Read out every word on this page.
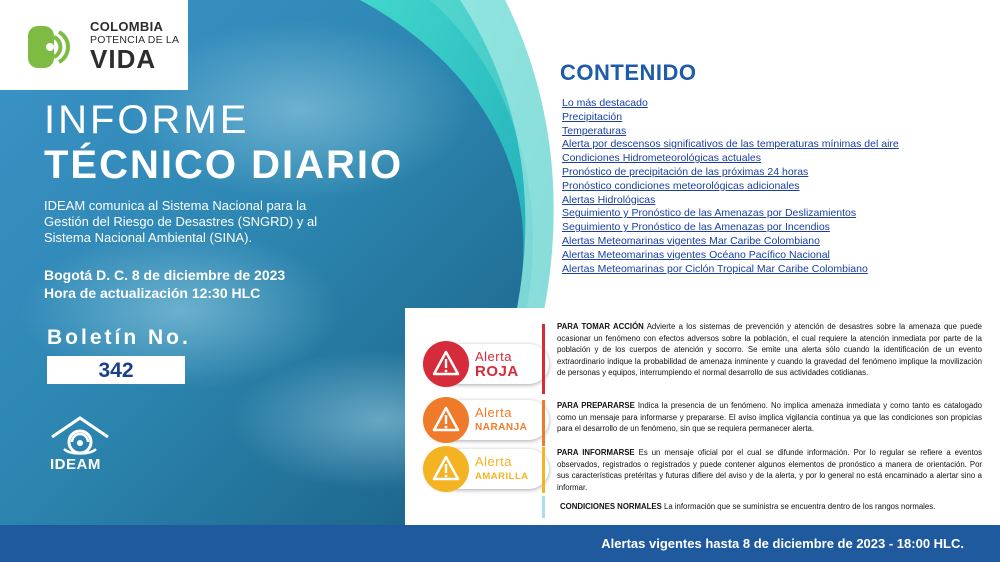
COLOMBIA
POTENCIA DE LA
VIDA
INFORME
TÉCNICO DIARIO
IDEAM comunica al Sistema Nacional para la Gestión del Riesgo de Desastres (SNGRD) y al Sistema Nacional Ambiental (SINA).
Bogotá D. C. 8 de diciembre de 2023
Hora de actualización 12:30 HLC
Boletín No.
342
IDEAM
CONTENIDO
Lo más destacado
Precipitación
Temperaturas
Alerta por descensos significativos de las temperaturas mínimas del aire
Condiciones Hidrometeorológicas actuales
Pronóstico de precipitación de las próximas 24 horas
Pronóstico condiciones meteorológicas adicionales
Alertas Hidrológicas
Seguimiento y Pronóstico de las Amenazas por Deslizamientos
Seguimiento y Pronóstico de las Amenazas por Incendios
Alertas Meteomarinas vigentes Mar Caribe Colombiano
Alertas Meteomarinas vigentes Océano Pacífico Nacional
Alertas Meteomarinas por Ciclón Tropical Mar Caribe Colombiano
Alerta
ROJA
PARA TOMAR ACCIÓN Advierte a los sistemas de prevención y atención de desastres sobre la amenaza que puede ocasionar un fenómeno con efectos adversos sobre la población, el cual requiere la atención inmediata por parte de la población y de los cuerpos de atención y socorro. Se emite una alerta sólo cuando la identificación de un evento extraordinario indique la probabilidad de amenaza inminente y cuando la gravedad del fenómeno implique la movilización de personas y equipos, interrumpiendo el normal desarrollo de sus actividades cotidianas.
Alerta
NARANJA
PARA PREPARARSE Indica la presencia de un fenómeno. No implica amenaza inmediata y como tanto es catalogado como un mensaje para informarse y prepararse. El aviso implica vigilancia continua ya que las condiciones son propicias para el desarrollo de un fenómeno, sin que se requiera permanecer alerta.
Alerta
AMARILLA
PARA INFORMARSE Es un mensaje oficial por el cual se difunde información. Por lo regular se refiere a eventos observados, registrados o registrados y puede contener algunos elementos de pronóstico a manera de orientación. Por sus características pretéritas y futuras difiere del aviso y de la alerta, y por lo general no está encaminado a alertar sino a informar.
CONDICIONES NORMALES La información que se suministra se encuentra dentro de los rangos normales.
Alertas vigentes hasta 8 de diciembre de 2023 - 18:00 HLC.
